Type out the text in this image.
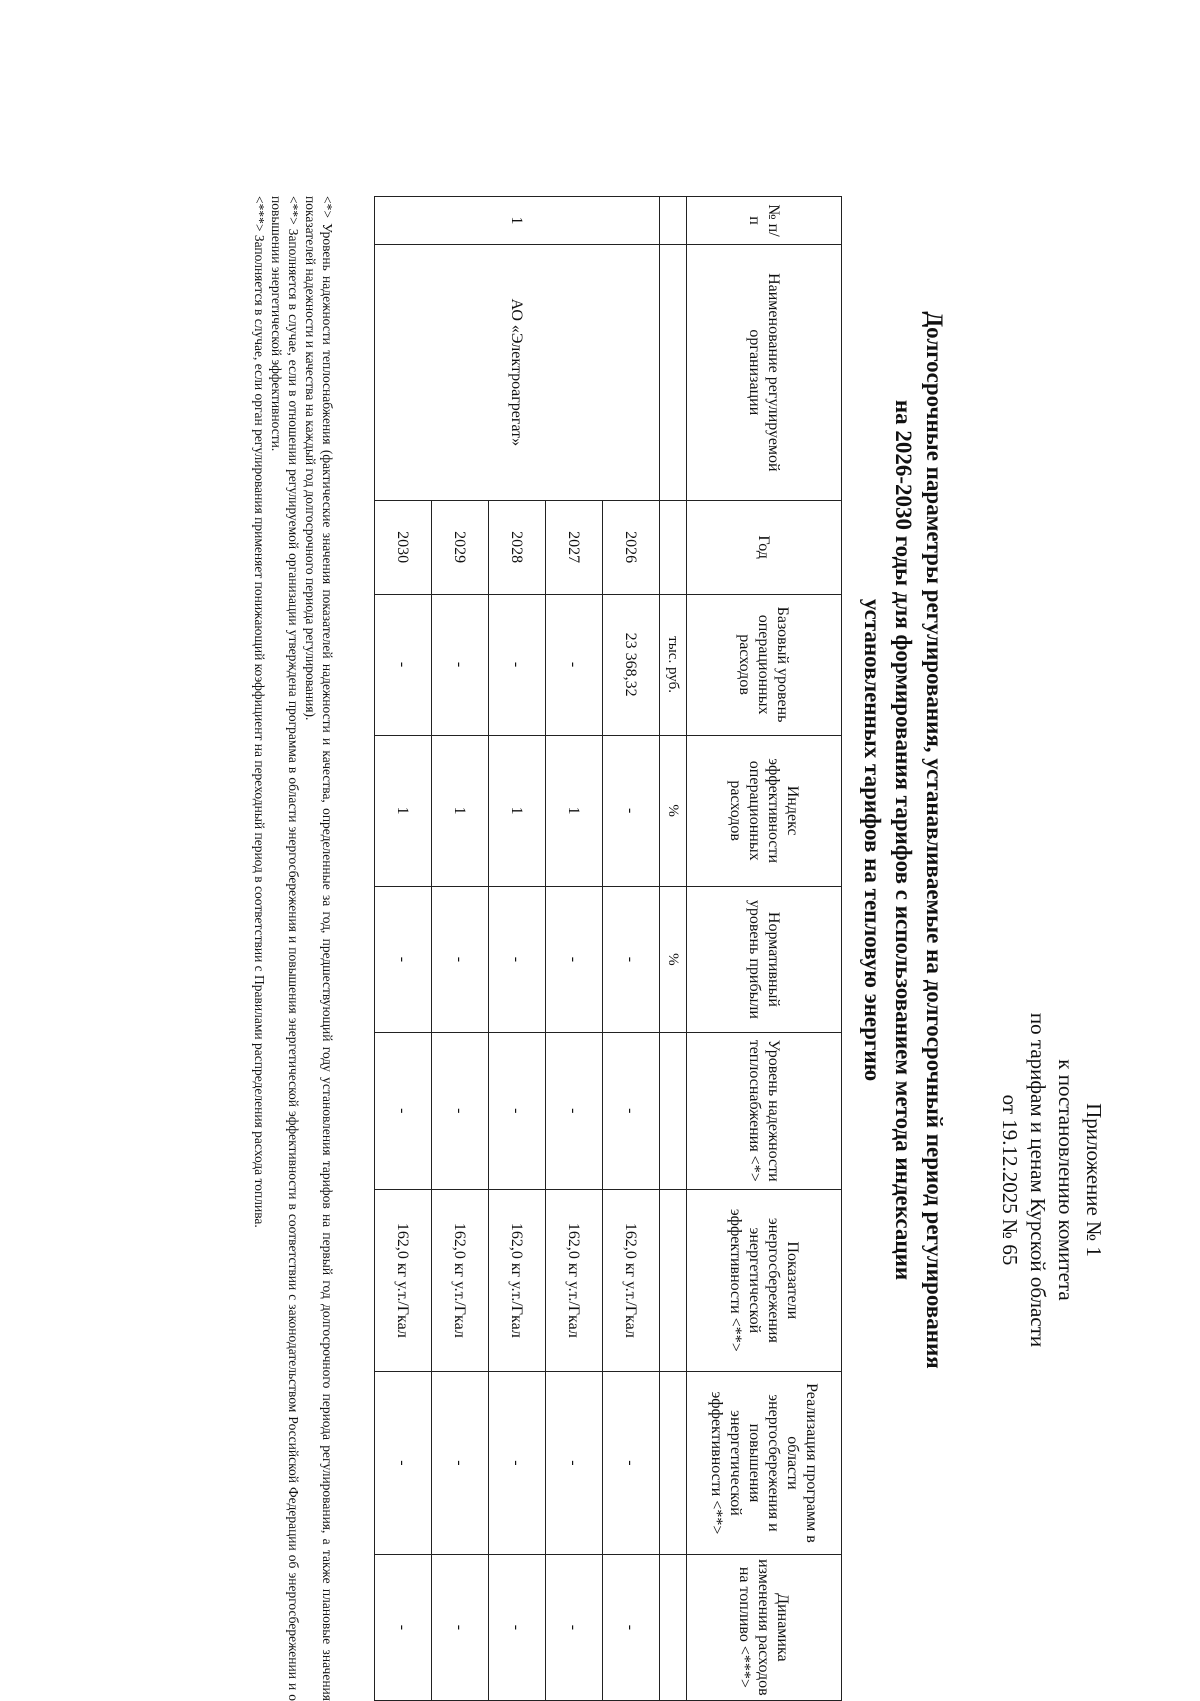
Приложение № 1
к постановлению комитета
по тарифам и ценам Курской области
от 19.12.2025 № 65
Долгосрочные параметры регулирования, устанавливаемые на долгосрочный период регулирования
на 2026-2030 годы для формирования тарифов с использованием метода индексации
установленных тарифов на тепловую энергию
№ п/п	Наименование регулируемой организации	Год	Базовый уровень операционных расходов	Индекс эффективности операционных расходов	Нормативный уровень прибыли	Уровень надежности теплоснабжения <*>	Показатели энергосбережения энергетической эффективности <**>	Реализация программ в области энергосбережения и повышения энергетической эффективности <**>	Динамика изменения расходов на топливо <***>
			тыс. руб.	%	%				
1	АО «Электроагрегат»	2026	23 368,32	-	-	-	162,0 кг у.т./Гкал	-	-
		2027	-	1	-	-	162,0 кг у.т./Гкал	-	-
		2028	-	1	-	-	162,0 кг у.т./Гкал	-	-
		2029	-	1	-	-	162,0 кг у.т./Гкал	-	-
		2030	-	1	-	-	162,0 кг у.т./Гкал	-	-

<*> Уровень надежности теплоснабжения (фактические значения показателей надежности и качества, определенные за год, предшествующий году установления тарифов на первый год долгосрочного периода регулирования, а также плановые значения показателей надежности и качества на каждый год долгосрочного периода регулирования).

<**> Заполняется в случае, если в отношении регулируемой организации утверждена программа в области энергосбережения и повышения энергетической эффективности в соответствии с законодательством Российской Федерации об энергосбережении и о повышении энергетической эффективности.

<***> Заполняется в случае, если орган регулирования применяет понижающий коэффициент на переходный период в соответствии с Правилами распределения расхода топлива.
